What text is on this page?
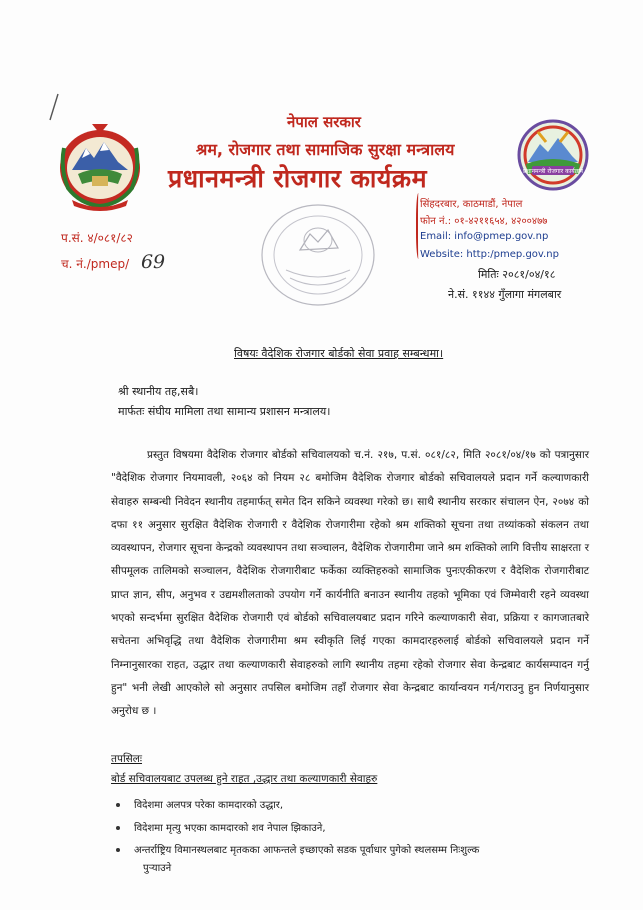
प्रधानमन्त्री रोजगार कार्यक्रम
नेपाल सरकार
श्रम, रोजगार तथा सामाजिक सुरक्षा मन्त्रालय
प्रधानमन्त्री रोजगार कार्यक्रम
सिंहदरबार, काठमाडौं, नेपाल
फोन नं.: ०१-४२११६५४, ४२००४७७
Email: info@pmep.gov.np
Website: http:/pmep.gov.np
प.सं. ४/०८१/८२
च. नं./pmep/ 69
मितिः २०८१/०४/१८
ने.सं. ११४४ गुँलागा मंगलबार
विषयः वैदेशिक रोजगार बोर्डको सेवा प्रवाह सम्बन्धमा।
श्री स्थानीय तह,सबै।
मार्फतः संघीय मामिला तथा सामान्य प्रशासन मन्त्रालय।
प्रस्तुत विषयमा वैदेशिक रोजगार बोर्डको सचिवालयको च.नं. २१७, प.सं. ०८१/८२, मिति २०८१/०४/१७ को पत्रानुसार "वैदेशिक रोजगार नियमावली, २०६४ को नियम २८ बमोजिम वैदेशिक रोजगार बोर्डको सचिवालयले प्रदान गर्ने कल्याणकारी सेवाहरु सम्बन्धी निवेदन स्थानीय तहमार्फत् समेत दिन सकिने व्यवस्था गरेको छ। साथै स्थानीय सरकार संचालन ऐन, २०७४ को दफा ११ अनुसार सुरक्षित वैदेशिक रोजगारी र वैदेशिक रोजगारीमा रहेको श्रम शक्तिको सूचना तथा तथ्यांकको संकलन तथा व्यवस्थापन, रोजगार सूचना केन्द्रको व्यवस्थापन तथा सञ्चालन, वैदेशिक रोजगारीमा जाने श्रम शक्तिको लागि वित्तीय साक्षरता र सीपमूलक तालिमको सञ्चालन, वैदेशिक रोजगारीबाट फर्केका व्यक्तिहरुको सामाजिक पुनःएकीकरण र वैदेशिक रोजगारीबाट प्राप्त ज्ञान, सीप, अनुभव र उद्यमशीलताको उपयोग गर्ने कार्यनीति बनाउन स्थानीय तहको भूमिका एवं जिम्मेवारी रहने व्यवस्था भएको सन्दर्भमा सुरक्षित वैदेशिक रोजगारी एवं बोर्डको सचिवालयबाट प्रदान गरिने कल्याणकारी सेवा, प्रक्रिया र कागजातबारे सचेतना अभिवृद्धि तथा वैदेशिक रोजगारीमा श्रम स्वीकृति लिई गएका कामदारहरुलाई बोर्डको सचिवालयले प्रदान गर्ने निम्नानुसारका राहत, उद्धार तथा कल्याणकारी सेवाहरुको लागि स्थानीय तहमा रहेको रोजगार सेवा केन्द्रबाट कार्यसम्पादन गर्नु हुन" भनी लेखी आएकोले सो अनुसार तपसिल बमोजिम तहाँ रोजगार सेवा केन्द्रबाट कार्यान्वयन गर्न/गराउनु हुन निर्णयानुसार अनुरोध छ ।
तपसिलः
बोर्ड सचिवालयबाट उपलब्ध हुने राहत ,उद्धार तथा कल्याणकारी सेवाहरु
विदेशमा अलपत्र परेका कामदारको उद्धार,
विदेशमा मृत्यु भएका कामदारको शव नेपाल झिकाउने,
अन्तर्राष्ट्रिय विमानस्थलबाट मृतकका आफन्तले इच्छाएको सडक पूर्वाधार पुगेको स्थलसम्म निःशुल्क
पुऱ्याउने
